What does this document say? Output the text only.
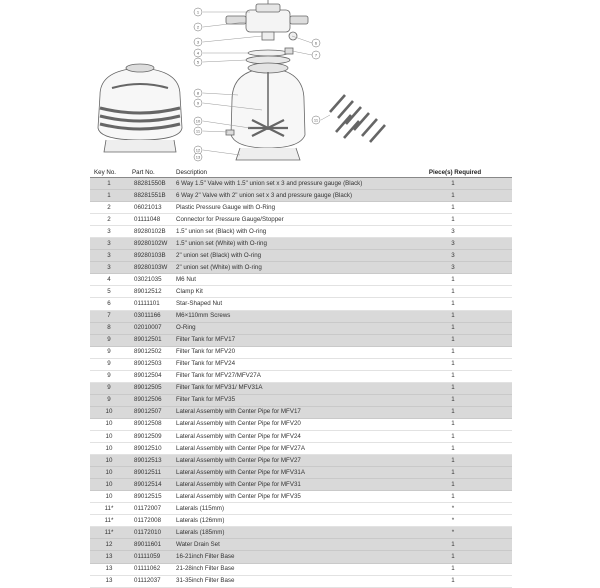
1
2
3
4
5
6
7
8
9
10
11
12
13
11
Key No.	Part No.	Description	Piece(s) Required
1	88281550B	6 Way 1.5" Valve with 1.5" union set x 3 and pressure gauge (Black)	1
1	88281551B	6 Way 2" Valve with 2" union set x 3 and pressure gauge (Black)	1
2	06021013	Plastic Pressure Gauge with O-Ring	1
2	01111048	Connector for Pressure Gauge/Stopper	1
3	89280102B	1.5" union set (Black) with O-ring	3
3	89280102W	1.5" union set (White) with O-ring	3
3	89280103B	2" union set (Black) with O-ring	3
3	89280103W	2" union set (White) with O-ring	3
4	03021035	M6 Nut	1
5	89012512	Clamp Kit	1
6	01111101	Star-Shaped Nut	1
7	03011166	M6×110mm Screws	1
8	02010007	O-Ring	1
9	89012501	Filter Tank for MFV17	1
9	89012502	Filter Tank for MFV20	1
9	89012503	Filter Tank for MFV24	1
9	89012504	Filter Tank for MFV27/MFV27A	1
9	89012505	Filter Tank for MFV31/ MFV31A	1
9	89012506	Filter Tank for MFV35	1
10	89012507	Lateral Assembly with Center Pipe for MFV17	1
10	89012508	Lateral Assembly with Center Pipe for MFV20	1
10	89012509	Lateral Assembly with Center Pipe for MFV24	1
10	89012510	Lateral Assembly with Center Pipe for MFV27A	1
10	89012513	Lateral Assembly with Center Pipe for MFV27	1
10	89012511	Lateral Assembly with Center Pipe for MFV31A	1
10	89012514	Lateral Assembly with Center Pipe for MFV31	1
10	89012515	Lateral Assembly with Center Pipe for MFV35	1
11*	01172007	Laterals (115mm)	*
11*	01172008	Laterals (126mm)	*
11*	01172010	Laterals (185mm)	*
12	89011601	Water Drain Set	1
13	01111059	16-21inch Filter Base	1
13	01111062	21-28inch Filter Base	1
13	01112037	31-35inch Filter Base	1
